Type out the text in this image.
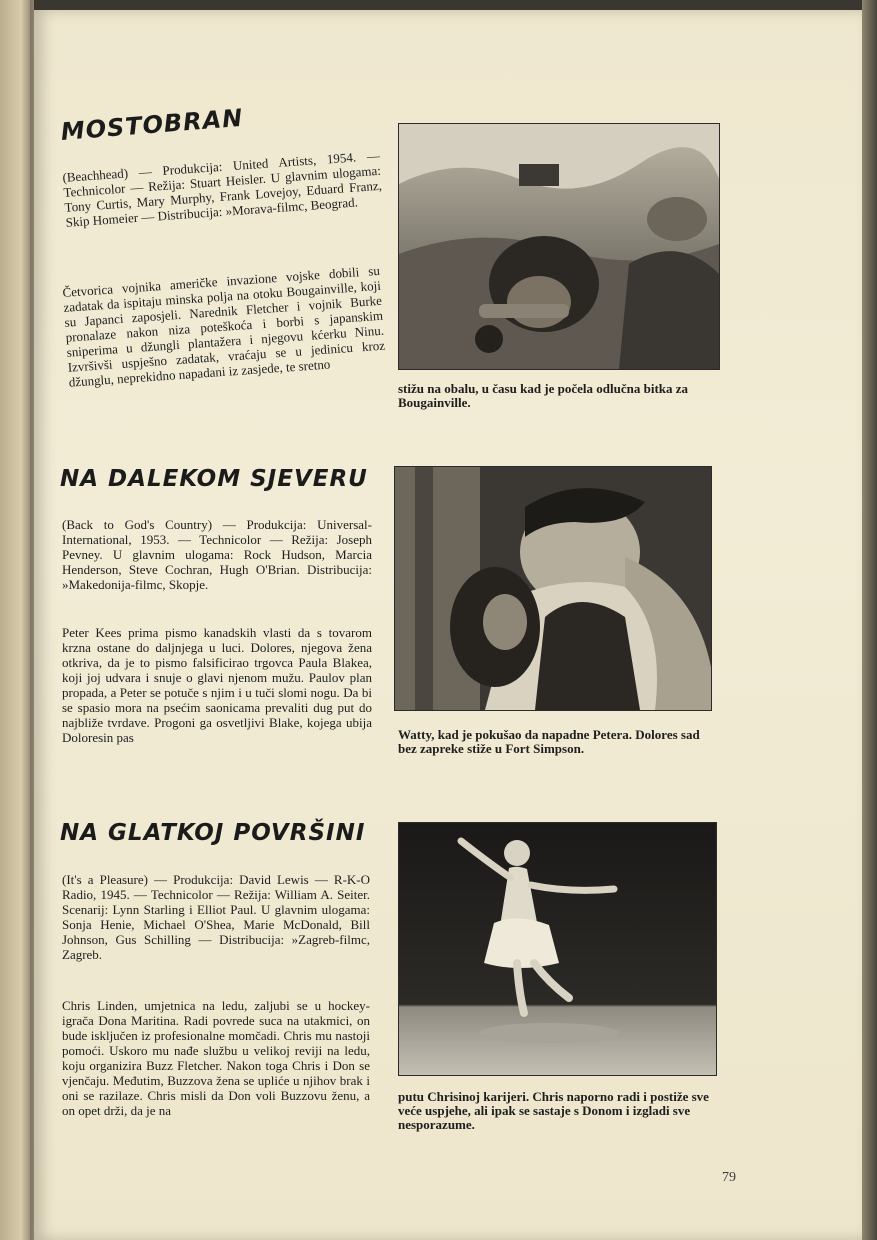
MOSTOBRAN

(Beachhead) — Produkcija: United Artists, 1954. — Technicolor — Režija: Stuart Heisler. U glavnim ulogama: Tony Curtis, Mary Murphy, Frank Lovejoy, Eduard Franz, Skip Homeier — Distribucija: »Morava-filmc, Beograd.

Četvorica vojnika američke invazione vojske dobili su zadatak da ispitaju minska polja na otoku Bougainville, koji su Japanci zaposjeli. Narednik Fletcher i vojnik Burke pronalaze nakon niza poteškoća i borbi s japanskim sniperima u džungli plantažera i njegovu kćerku Ninu. Izvršivši uspješno zadatak, vraćaju se u jedinicu kroz džunglu, neprekidno napadani iz zasjede, te sretno	stižu na obalu, u času kad je počela odlučna bitka za Bougainville.

NA DALEKOM SJEVERU

(Back to God's Country) — Produkcija: Universal-International, 1953. — Technicolor — Režija: Joseph Pevney. U glavnim ulogama: Rock Hudson, Marcia Henderson, Steve Cochran, Hugh O'Brian. Distribucija: »Makedonija-filmc, Skopje.

Peter Kees prima pismo kanadskih vlasti da s tovarom krzna ostane do daljnjega u luci. Dolores, njegova žena otkriva, da je to pismo falsificirao trgovca Paula Blakea, koji joj udvara i snuje o glavi njenom mužu. Paulov plan propada, a Peter se potuče s njim i u tuči slomi nogu. Da bi se spasio mora na psećim saonicama prevaliti dug put do najbliže tvrdave. Progoni ga osvetljivi Blake, kojega ubija Doloresin pas	Watty, kad je pokušao da napadne Petera. Dolores sad bez zapreke stiže u Fort Simpson.

NA GLATKOJ POVRŠINI

(It's a Pleasure) — Produkcija: David Lewis — R-K-O Radio, 1945. — Technicolor — Režija: William A. Seiter. Scenarij: Lynn Starling i Elliot Paul. U glavnim ulogama: Sonja Henie, Michael O'Shea, Marie McDonald, Bill Johnson, Gus Schilling — Distribucija: »Zagreb-filmc, Zagreb.

Chris Linden, umjetnica na ledu, zaljubi se u hockey-igrača Dona Maritina. Radi povrede suca na utakmici, on bude isključen iz profesionalne momčadi. Chris mu nastoji pomoći. Uskoro mu nađe službu u velikoj reviji na ledu, koju organizira Buzz Fletcher. Nakon toga Chris i Don se vjenčaju. Međutim, Buzzova žena se upliće u njihov brak i oni se razilaze. Chris misli da Don voli Buzzovu ženu, a on opet drži, da je na

putu Chrisinoj karijeri. Chris naporno radi i postiže sve veće uspjehe, ali ipak se sastaje s Donom i izgladi sve nesporazume.

79
